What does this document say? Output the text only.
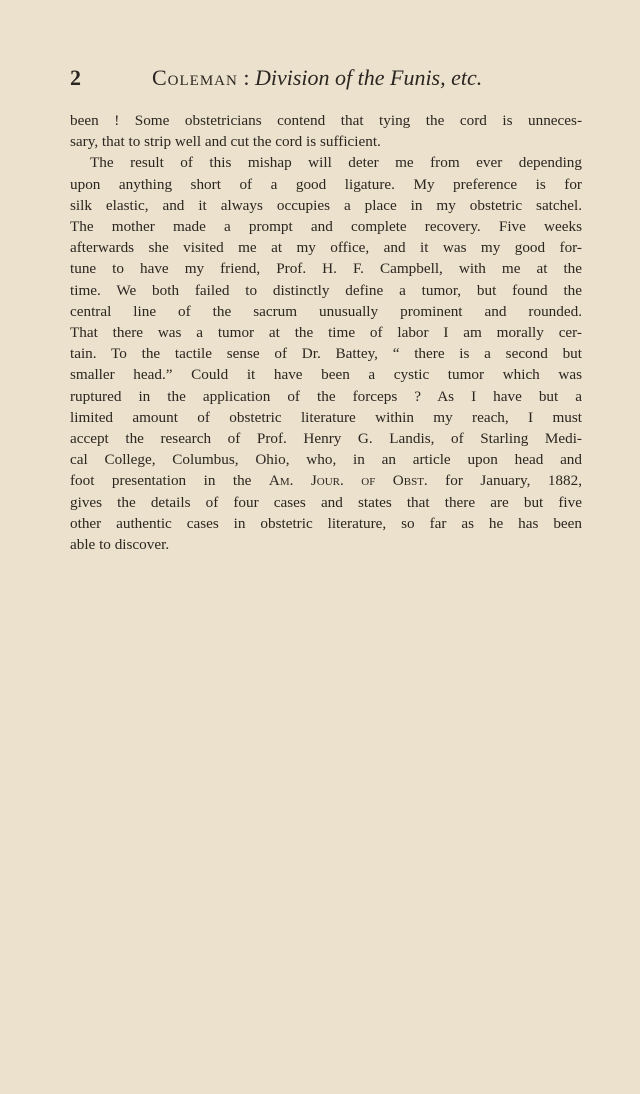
2	Coleman : Division of the Funis, etc.
been ! Some obstetricians contend that tying the cord is unneces-
sary, that to strip well and cut the cord is sufficient.
The result of this mishap will deter me from ever depending
upon anything short of a good ligature. My preference is for
silk elastic, and it always occupies a place in my obstetric satchel.
The mother made a prompt and complete recovery. Five weeks
afterwards she visited me at my office, and it was my good for-
tune to have my friend, Prof. H. F. Campbell, with me at the
time. We both failed to distinctly define a tumor, but found the
central line of the sacrum unusually prominent and rounded.
That there was a tumor at the time of labor I am morally cer-
tain. To the tactile sense of Dr. Battey, “ there is a second but
smaller head.” Could it have been a cystic tumor which was
ruptured in the application of the forceps ? As I have but a
limited amount of obstetric literature within my reach, I must
accept the research of Prof. Henry G. Landis, of Starling Medi-
cal College, Columbus, Ohio, who, in an article upon head and
foot presentation in the Am. Jour. of Obst. for January, 1882,
gives the details of four cases and states that there are but five
other authentic cases in obstetric literature, so far as he has been
able to discover.
